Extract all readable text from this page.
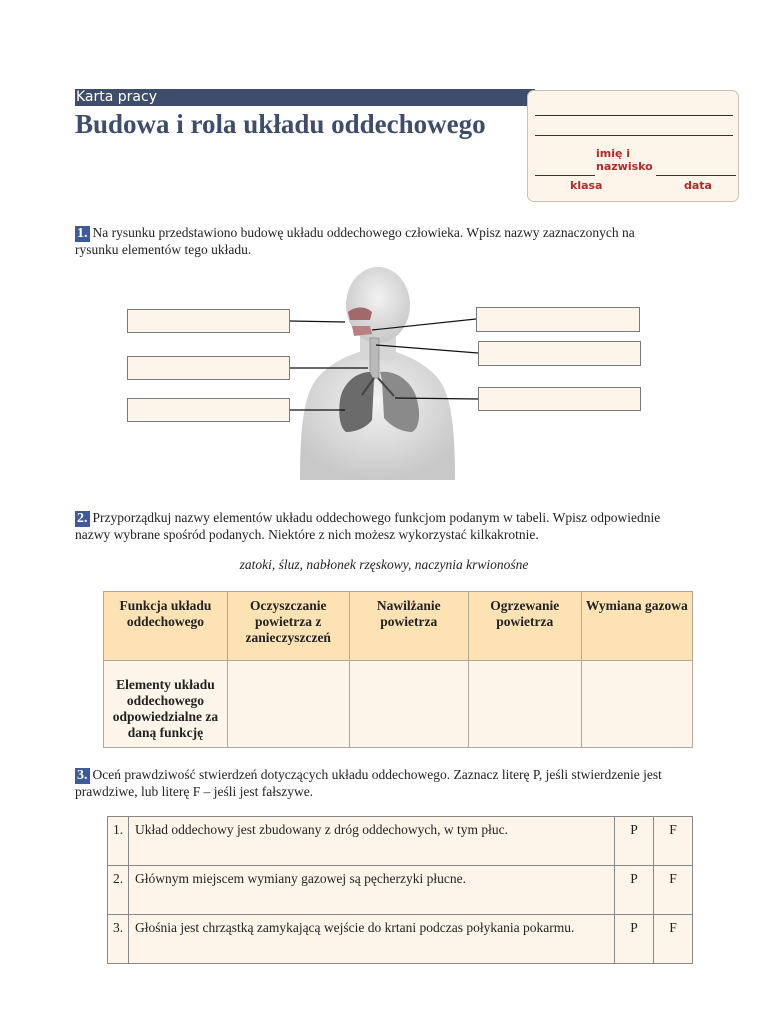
Karta pracy
Budowa i rola układu oddechowego
imię i nazwisko
klasa	data
1. Na rysunku przedstawiono budowę układu oddechowego człowieka. Wpisz nazwy zaznaczonych na rysunku elementów tego układu.
2. Przyporządkuj nazwy elementów układu oddechowego funkcjom podanym w tabeli. Wpisz odpowiednie nazwy wybrane spośród podanych. Niektóre z nich możesz wykorzystać kilkakrotnie.
zatoki, śluz, nabłonek rzęskowy, naczynia krwionośne
Funkcja układu oddechowego	Oczyszczanie powietrza z zanieczyszczeń	Nawilżanie powietrza	Ogrzewanie powietrza	Wymiana gazowa
Elementy układu oddechowego odpowiedzialne za daną funkcję				
3. Oceń prawdziwość stwierdzeń dotyczących układu oddechowego. Zaznacz literę P, jeśli stwierdzenie jest prawdziwe, lub literę F – jeśli jest fałszywe.
1.	Układ oddechowy jest zbudowany z dróg oddechowych, w tym płuc.	P	F
2.	Głównym miejscem wymiany gazowej są pęcherzyki płucne.	P	F
3.	Głośnia jest chrząstką zamykającą wejście do krtani podczas połykania pokarmu.	P	F
